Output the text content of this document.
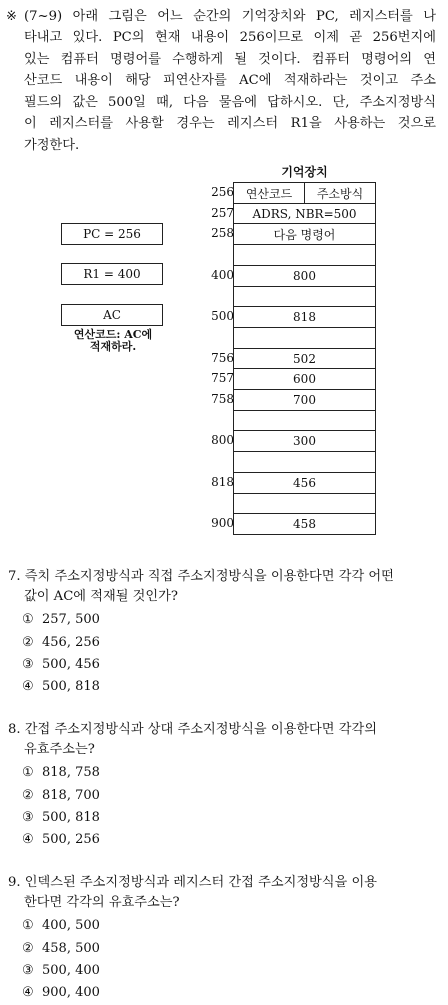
※ (7~9) 아래 그림은 어느 순간의 기억장치와 PC, 레지스터를 나
타내고 있다. PC의 현재 내용이 256이므로 이제 곧 256번지에
있는 컴퓨터 명령어를 수행하게 될 것이다. 컴퓨터 명령어의 연
산코드 내용이 해당 피연산자를 AC에 적재하라는 것이고 주소
필드의 값은 500일 때, 다음 물음에 답하시오. 단, 주소지정방식
이 레지스터를 사용할 경우는 레지스터 R1을 사용하는 것으로
가정한다.
PC = 256
R1 = 400
AC
연산코드: AC에
적재하라.
기억장치
256 연산코드	주소방식
257	ADRS, NBR=500
258	다음 명령어
400	800
500	818
756	502
757	600
758	700
800	300
818	456
900	458
7. 즉치 주소지정방식과 직접 주소지정방식을 이용한다면 각각 어떤
값이 AC에 적재될 것인가?
① 257, 500
② 456, 256
③ 500, 456
④ 500, 818
8. 간접 주소지정방식과 상대 주소지정방식을 이용한다면 각각의
유효주소는?
① 818, 758
② 818, 700
③ 500, 818
④ 500, 256
9. 인덱스된 주소지정방식과 레지스터 간접 주소지정방식을 이용
한다면 각각의 유효주소는?
① 400, 500
② 458, 500
③ 500, 400
④ 900, 400
